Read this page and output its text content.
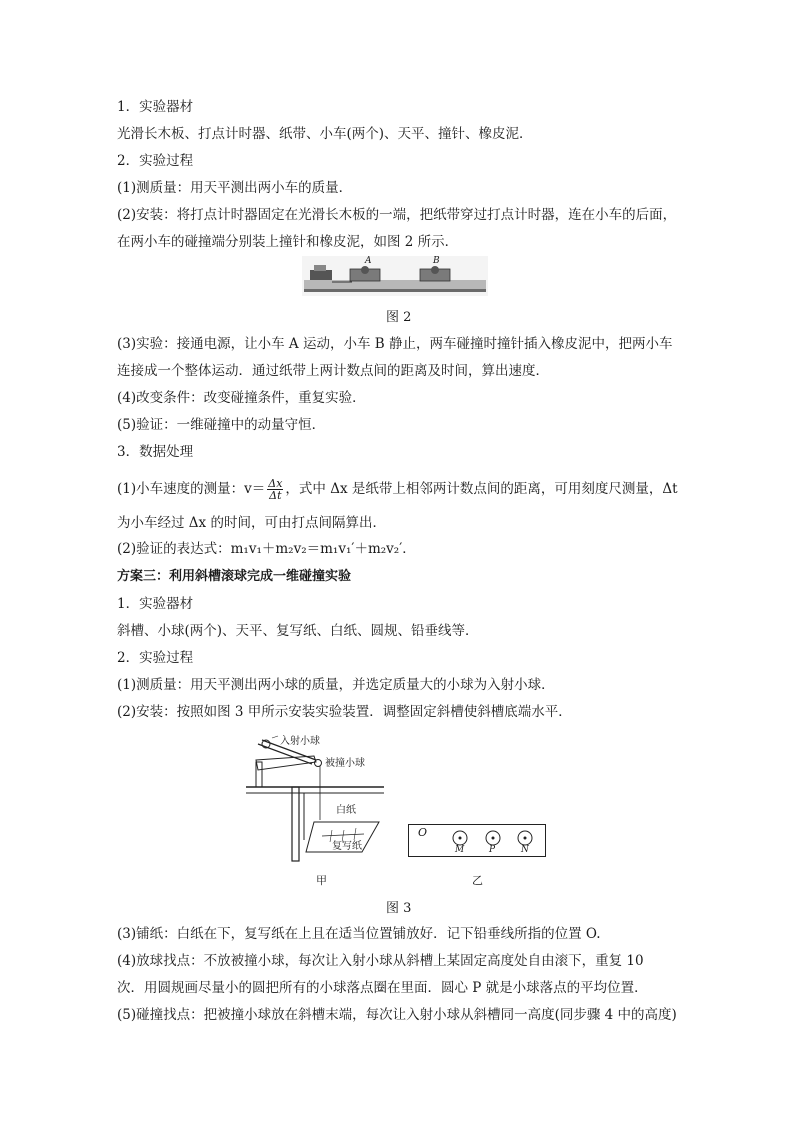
1．实验器材
光滑长木板、打点计时器、纸带、小车(两个)、天平、撞针、橡皮泥．
2．实验过程
(1)测质量：用天平测出两小车的质量．
(2)安装：将打点计时器固定在光滑长木板的一端，把纸带穿过打点计时器，连在小车的后面，
在两小车的碰撞端分别装上撞针和橡皮泥，如图 2 所示．
A	B
图 2
(3)实验：接通电源，让小车 A 运动，小车 B 静止，两车碰撞时撞针插入橡皮泥中，把两小车
连接成一个整体运动．通过纸带上两计数点间的距离及时间，算出速度．
(4)改变条件：改变碰撞条件，重复实验．
(5)验证：一维碰撞中的动量守恒．
3．数据处理
(1)小车速度的测量：$v= \frac{\Delta x}{\Delta t}$ ，式中 Δx 是纸带上相邻两计数点间的距离，可用刻度尺测量，Δt
为小车经过 Δx 的时间，可由打点间隔算出．
(2)验证的表达式：m₁v₁＋m₂v₂＝m₁v₁′＋m₂v₂′．
方案三：利用斜槽滚球完成一维碰撞实验
1．实验器材
斜槽、小球(两个)、天平、复写纸、白纸、圆规、铅垂线等．
2．实验过程
(1)测质量：用天平测出两小球的质量，并选定质量大的小球为入射小球．
(2)安装：按照如图 3 甲所示安装实验装置．调整固定斜槽使斜槽底端水平．
入射小球
被撞小球
白纸
复写纸
甲
O
M	P	N
乙
图 3
(3)铺纸：白纸在下，复写纸在上且在适当位置铺放好．记下铅垂线所指的位置 O.
(4)放球找点：不放被撞小球，每次让入射小球从斜槽上某固定高度处自由滚下，重复 10
次．用圆规画尽量小的圆把所有的小球落点圈在里面．圆心 P 就是小球落点的平均位置．
(5)碰撞找点：把被撞小球放在斜槽末端，每次让入射小球从斜槽同一高度(同步骤 4 中的高度)
